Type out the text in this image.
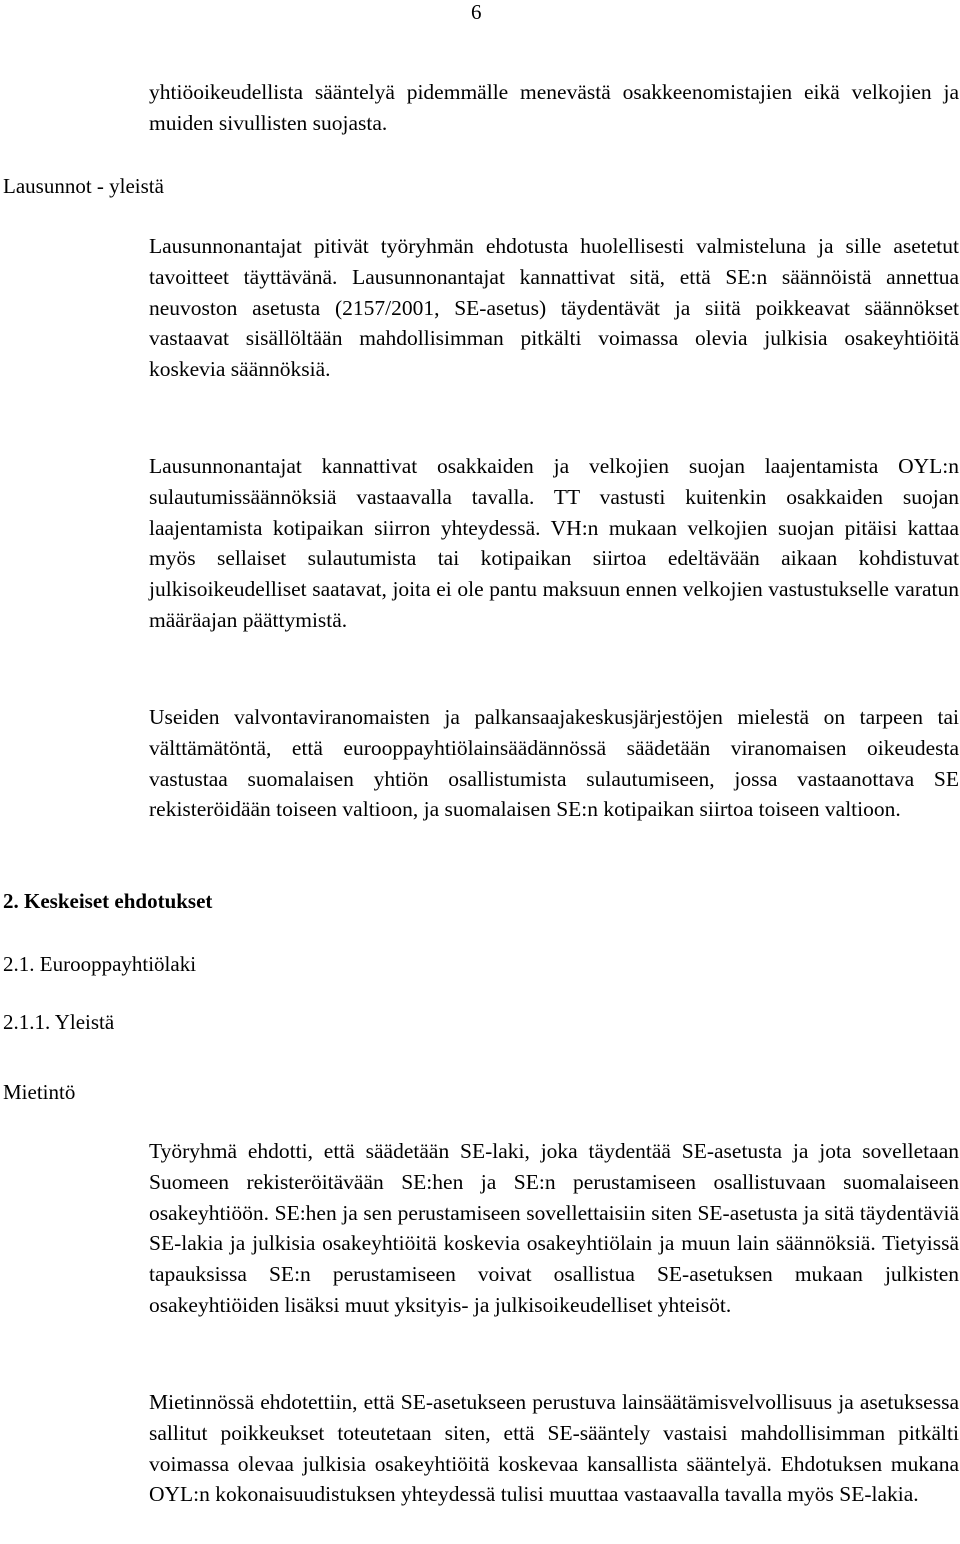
6
Lausunnot - yleistä
2. Keskeiset ehdotukset
2.1. Eurooppayhtiölaki
2.1.1. Yleistä
Mietintö

yhtiöoikeudellista sääntelyä pidemmälle menevästä osakkeenomistajien eikä velkojien ja muiden sivullisten suojasta.

Lausunnonantajat pitivät työryhmän ehdotusta huolellisesti valmisteluna ja sille asetetut tavoitteet täyttävänä. Lausunnonantajat kannattivat sitä, että SE:n säännöistä annettua neuvoston asetusta (2157/2001, SE-asetus) täydentävät ja siitä poikkeavat säännökset vastaavat sisällöltään mahdollisimman pitkälti voimassa olevia julkisia osakeyhtiöitä koskevia säännöksiä.

Lausunnonantajat kannattivat osakkaiden ja velkojien suojan laajentamista OYL:n sulautumissäännöksiä vastaavalla tavalla. TT vastusti kuitenkin osakkaiden suojan laajentamista kotipaikan siirron yhteydessä. VH:n mukaan velkojien suojan pitäisi kattaa myös sellaiset sulautumista tai kotipaikan siirtoa edeltävään aikaan kohdistuvat julkisoikeudelliset saatavat, joita ei ole pantu maksuun ennen velkojien vastustukselle varatun määräajan päättymistä.

Useiden valvontaviranomaisten ja palkansaajakeskusjärjestöjen mielestä on tarpeen tai välttämätöntä, että eurooppayhtiölainsäädännössä säädetään viranomaisen oikeudesta vastustaa suomalaisen yhtiön osallistumista sulautumiseen, jossa vastaanottava SE rekisteröidään toiseen valtioon, ja suomalaisen SE:n kotipaikan siirtoa toiseen valtioon.

Työryhmä ehdotti, että säädetään SE-laki, joka täydentää SE-asetusta ja jota sovelletaan Suomeen rekisteröitävään SE:hen ja SE:n perustamiseen osallistuvaan suomalaiseen osakeyhtiöön. SE:hen ja sen perustamiseen sovellettaisiin siten SE-asetusta ja sitä täydentäviä SE-lakia ja julkisia osakeyhtiöitä koskevia osakeyhtiölain ja muun lain säännöksiä. Tietyissä tapauksissa SE:n perustamiseen voivat osallistua SE-asetuksen mukaan julkisten osakeyhtiöiden lisäksi muut yksityis- ja julkisoikeudelliset yhteisöt.

Mietinnössä ehdotettiin, että SE-asetukseen perustuva lainsäätämisvelvollisuus ja asetuksessa sallitut poikkeukset toteutetaan siten, että SE-sääntely vastaisi mahdollisimman pitkälti voimassa olevaa julkisia osakeyhtiöitä koskevaa kansallista sääntelyä. Ehdotuksen mukana OYL:n kokonaisuudistuksen yhteydessä tulisi muuttaa vastaavalla tavalla myös SE-lakia.
